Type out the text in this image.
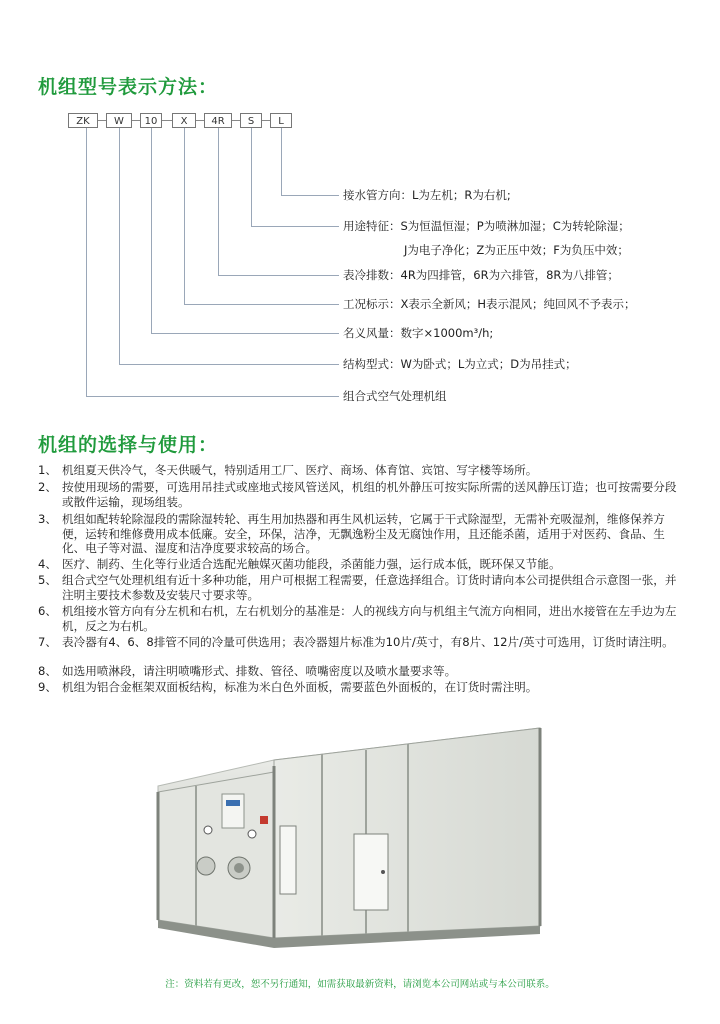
机组型号表示方法：
ZK	W	10	X	4R	S	L
接水管方向：L为左机；R为右机;
用途特征：S为恒温恒湿；P为喷淋加湿；C为转轮除湿；
J为电子净化；Z为正压中效；F为负压中效；
表冷排数：4R为四排管，6R为六排管，8R为八排管；
工况标示：X表示全新风；H表示混风；纯回风不予表示；
名义风量：数字×1000m³/h;
结构型式：W为卧式；L为立式；D为吊挂式；
组合式空气处理机组
机组的选择与使用：
1、 机组夏天供冷气，冬天供暖气，特别适用工厂、医疗、商场、体育馆、宾馆、写字楼等场所。
2、 按使用现场的需要，可选用吊挂式或座地式接风管送风，机组的机外静压可按实际所需的送风静压订造；也可按需要分段或散件运输，现场组装。
3、 机组如配转轮除湿段的需除湿转轮、再生用加热器和再生风机运转，它属于干式除湿型，无需补充吸湿剂，维修保养方便，运转和维修费用成本低廉。安全，环保，洁净，无飘逸粉尘及无腐蚀作用，且还能杀菌，适用于对医药、食品、生化、电子等对温、湿度和洁净度要求较高的场合。
4、 医疗、制药、生化等行业适合选配光触媒灭菌功能段，杀菌能力强，运行成本低，既环保又节能。
5、 组合式空气处理机组有近十多种功能，用户可根据工程需要，任意选择组合。订货时请向本公司提供组合示意图一张，并注明主要技术参数及安装尺寸要求等。
6、 机组接水管方向有分左机和右机，左右机划分的基准是：人的视线方向与机组主气流方向相同，进出水接管在左手边为左机，反之为右机。
7、 表冷器有4、6、8排管不同的冷量可供选用；表冷器翅片标准为10片/英寸，有8片、12片/英寸可选用，订货时请注明。
8、 如选用喷淋段，请注明喷嘴形式、排数、管径、喷嘴密度以及喷水量要求等。
9、 机组为铝合金框架双面板结构，标准为米白色外面板，需要蓝色外面板的，在订货时需注明。
注：资料若有更改，恕不另行通知，如需获取最新资料，请浏览本公司网站或与本公司联系。
